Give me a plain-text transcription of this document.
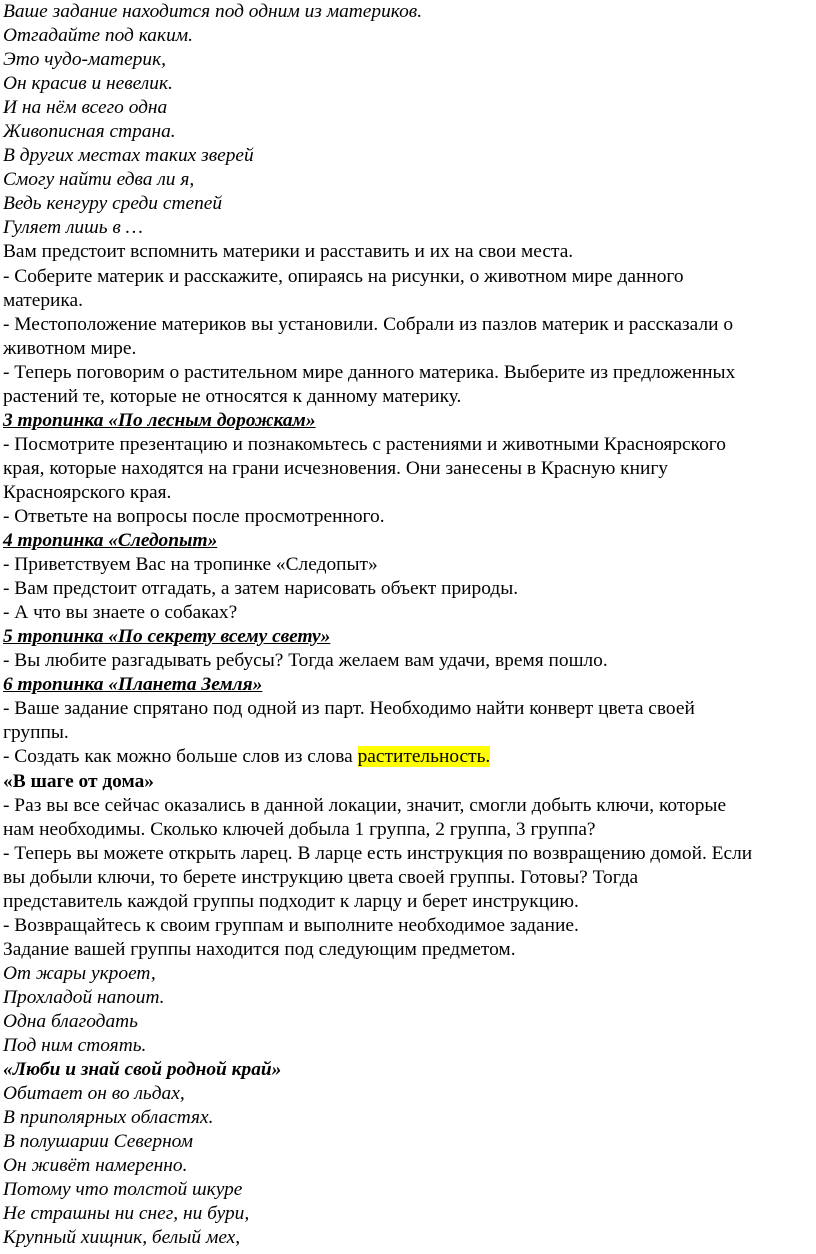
Ваше задание находится под одним из материков.
Отгадайте под каким.
Это чудо-материк,
Он красив и невелик.
И на нём всего одна
Живописная страна.
В других местах таких зверей
Смогу найти едва ли я,
Ведь кенгуру среди степей
Гуляет лишь в …
Вам предстоит вспомнить материки и расставить и их на свои места.
- Соберите материк и расскажите, опираясь на рисунки, о животном мире данного
материка.
- Местоположение материков вы установили. Собрали из пазлов материк и рассказали о
животном мире.
- Теперь поговорим о растительном мире данного материка. Выберите из предложенных
растений те, которые не относятся к данному материку.
3 тропинка «По лесным дорожкам»
- Посмотрите презентацию и познакомьтесь с растениями и животными Красноярского
края, которые находятся на грани исчезновения. Они занесены в Красную книгу
Красноярского края.
- Ответьте на вопросы после просмотренного.
4 тропинка «Следопыт»
- Приветствуем Вас на тропинке «Следопыт»
- Вам предстоит отгадать, а затем нарисовать объект природы.
- А что вы знаете о собаках?
5 тропинка «По секрету всему свету»
- Вы любите разгадывать ребусы? Тогда желаем вам удачи, время пошло.
6 тропинка «Планета Земля»
- Ваше задание спрятано под одной из парт. Необходимо найти конверт цвета своей
группы.
- Создать как можно больше слов из слова растительность.
«В шаге от дома»
- Раз вы все сейчас оказались в данной локации, значит, смогли добыть ключи, которые
нам необходимы. Сколько ключей добыла 1 группа, 2 группа, 3 группа?
- Теперь вы можете открыть ларец. В ларце есть инструкция по возвращению домой. Если
вы добыли ключи, то берете инструкцию цвета своей группы. Готовы? Тогда
представитель каждой группы подходит к ларцу и берет инструкцию.
- Возвращайтесь к своим группам и выполните необходимое задание.
Задание вашей группы находится под следующим предметом.
От жары укроет,
Прохладой напоит.
Одна благодать
Под ним стоять.
«Люби и знай свой родной край»
Обитает он во льдах,
В приполярных областях.
В полушарии Северном
Он живёт намеренно.
Потому что толстой шкуре
Не страшны ни снег, ни бури,
Крупный хищник, белый мех,
